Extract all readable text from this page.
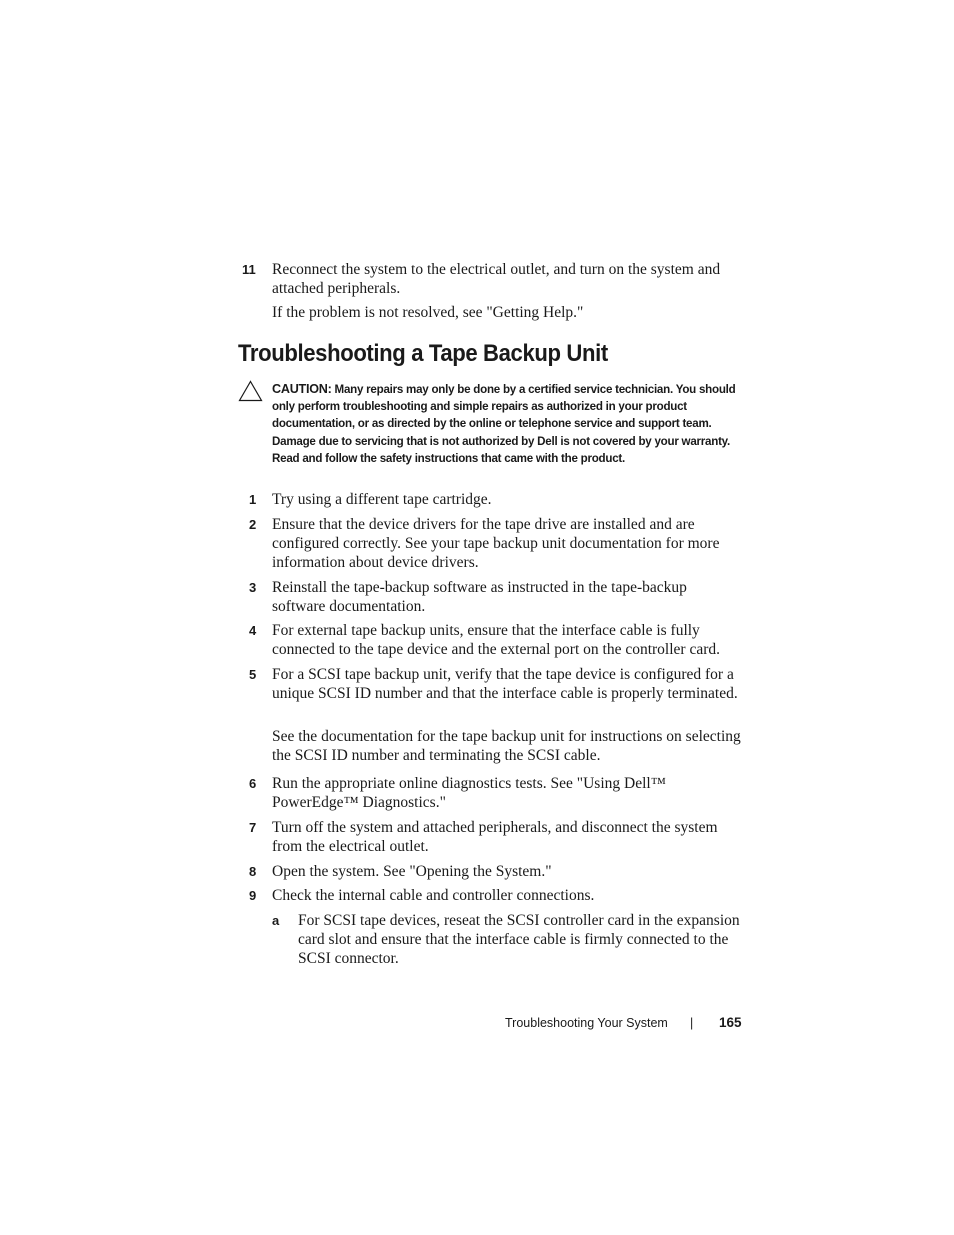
11 Reconnect the system to the electrical outlet, and turn on the system and attached peripherals.
If the problem is not resolved, see "Getting Help."
Troubleshooting a Tape Backup Unit
CAUTION: Many repairs may only be done by a certified service technician. You should only perform troubleshooting and simple repairs as authorized in your product documentation, or as directed by the online or telephone service and support team. Damage due to servicing that is not authorized by Dell is not covered by your warranty. Read and follow the safety instructions that came with the product.
1 Try using a different tape cartridge.
2 Ensure that the device drivers for the tape drive are installed and are configured correctly. See your tape backup unit documentation for more information about device drivers.
3 Reinstall the tape-backup software as instructed in the tape-backup software documentation.
4 For external tape backup units, ensure that the interface cable is fully connected to the tape device and the external port on the controller card.
5 For a SCSI tape backup unit, verify that the tape device is configured for a unique SCSI ID number and that the interface cable is properly terminated.
See the documentation for the tape backup unit for instructions on selecting the SCSI ID number and terminating the SCSI cable.
6 Run the appropriate online diagnostics tests. See "Using Dell™ PowerEdge™ Diagnostics."
7 Turn off the system and attached peripherals, and disconnect the system from the electrical outlet.
8 Open the system. See "Opening the System."
9 Check the internal cable and controller connections.
a For SCSI tape devices, reseat the SCSI controller card in the expansion card slot and ensure that the interface cable is firmly connected to the SCSI connector.
Troubleshooting Your System | 165
